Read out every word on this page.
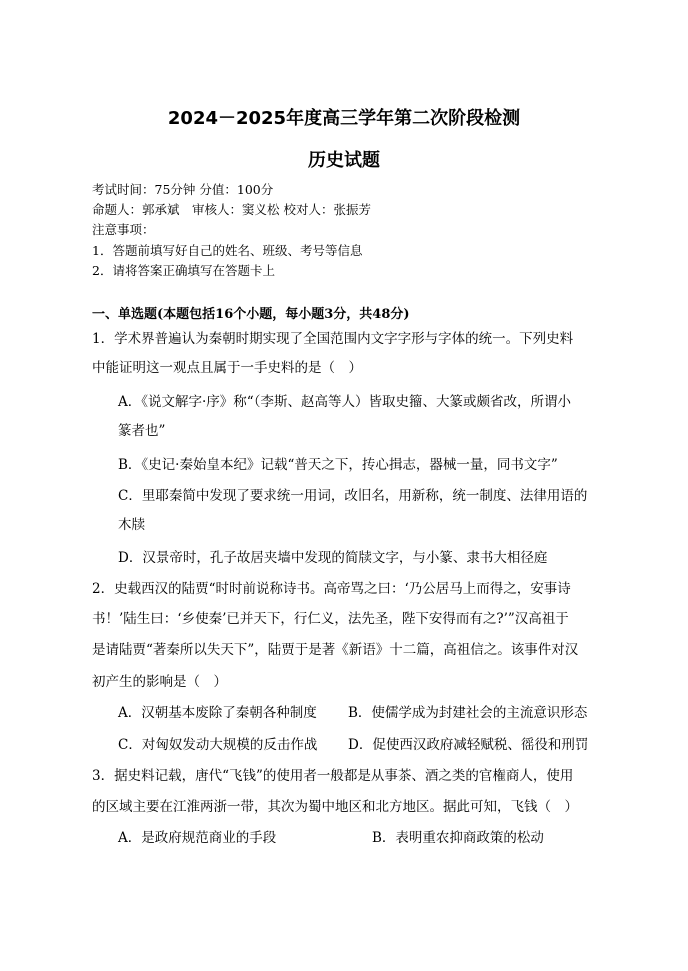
2024－2025年度高三学年第二次阶段检测
历史试题
考试时间：75分钟 分值：100分
命题人：郭承斌　审核人：窦义松 校对人：张振芳
注意事项：
1．答题前填写好自己的姓名、班级、考号等信息
2．请将答案正确填写在答题卡上
一、单选题(本题包括16个小题，每小题3分，共48分)
1．学术界普遍认为秦朝时期实现了全国范围内文字字形与字体的统一。下列史料
中能证明这一观点且属于一手史料的是（　）
A．《说文解字·序》称“（李斯、赵高等人）皆取史籀、大篆或颇省改，所谓小
篆者也”
B．《史记·秦始皇本纪》记载“普天之下，抟心揖志，器械一量，同书文字”
C．里耶秦简中发现了要求统一用词，改旧名，用新称，统一制度、法律用语的
木牍
D．汉景帝时，孔子故居夹墙中发现的简牍文字，与小篆、隶书大相径庭
2．史载西汉的陆贾“时时前说称诗书。高帝骂之曰：‘乃公居马上而得之，安事诗
书！’陆生曰：‘乡使秦’已并天下，行仁义，法先圣，陛下安得而有之?’”汉高祖于
是请陆贾“著秦所以失天下”，陆贾于是著《新语》十二篇，高祖信之。该事件对汉
初产生的影响是（　）
A．汉朝基本废除了秦朝各种制度 B．使儒学成为封建社会的主流意识形态
C．对匈奴发动大规模的反击作战 D．促使西汉政府减轻赋税、徭役和刑罚
3．据史料记载，唐代“飞钱”的使用者一般都是从事茶、酒之类的官権商人，使用
的区域主要在江淮两浙一带，其次为蜀中地区和北方地区。据此可知，飞钱（　）
A．是政府规范商业的手段	B．表明重农抑商政策的松动
